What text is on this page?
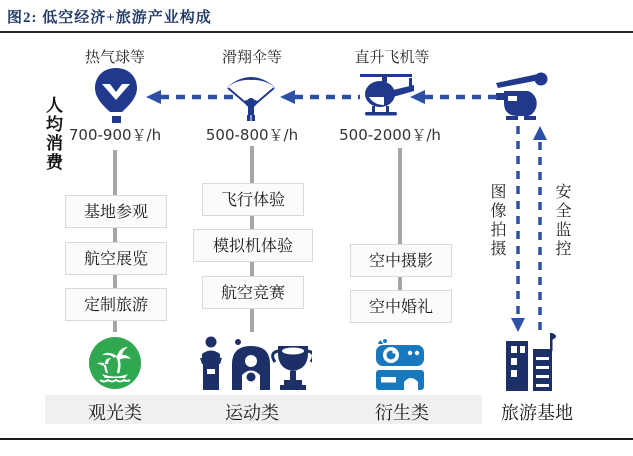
图2: 低空经济+旅游产业构成
热气球等	滑翔伞等	直升飞机等
700-900￥/h	500-800￥/h	500-2000￥/h
人均消费
基地参观
航空展览
定制旅游
飞行体验
模拟机体验
航空竞赛
空中摄影
空中婚礼
图像拍摄	安全监控
观光类	运动类	衍生类	旅游基地
